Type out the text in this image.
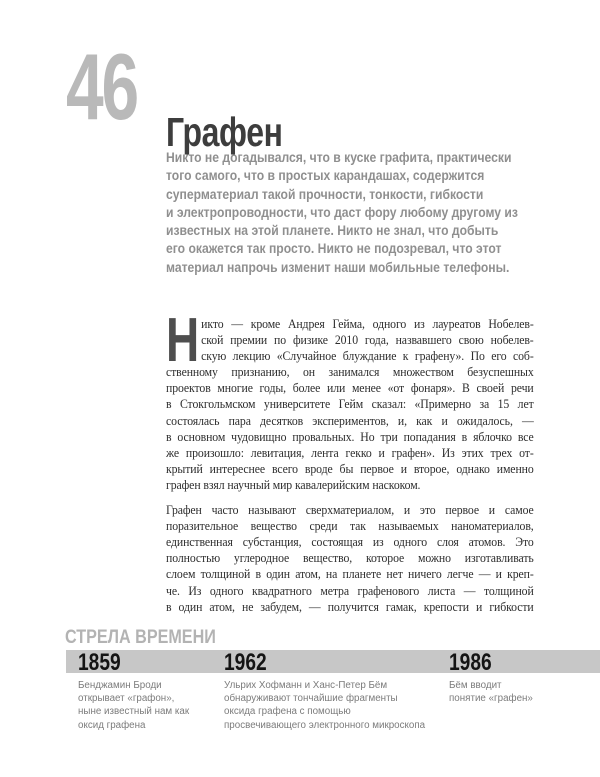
46 Графен
Никто не догадывался, что в куске графита, практически
того самого, что в простых карандашах, содержится
суперматериал такой прочности, тонкости, гибкости
и электропроводности, что даст фору любому другому из
известных на этой планете. Никто не знал, что добыть
его окажется так просто. Никто не подозревал, что этот
материал напрочь изменит наши мобильные телефоны.
Н икто — кроме Андрея Гейма, одного из лауреатов Нобелев-
ской премии по физике 2010 года, назвавшего свою нобелев-
скую лекцию «Случайное блуждание к графену». По его соб-
ственному признанию, он занимался множеством безуспешных
проектов многие годы, более или менее «от фонаря». В своей речи
в Стокгольмском университете Гейм сказал: «Примерно за 15 лет
состоялась пара десятков экспериментов, и, как и ожидалось, —
в основном чудовищно провальных. Но три попадания в яблочко все
же произошло: левитация, лента гекко и графен». Из этих трех от-
крытий интереснее всего вроде бы первое и второе, однако именно
графен взял научный мир кавалерийским наскоком.
Графен часто называют сверхматериалом, и это первое и самое
поразительное вещество среди так называемых наноматериалов,
единственная субстанция, состоящая из одного слоя атомов. Это
полностью углеродное вещество, которое можно изготавливать
слоем толщиной в один атом, на планете нет ничего легче — и креп-
че. Из одного квадратного метра графенового листа — толщиной
в один атом, не забудем, — получится гамак, крепости и гибкости
СТРЕЛА ВРЕМЕНИ
1859
Бенджамин Броди
открывает «графон»,
ныне известный нам как
оксид графена
1962
Ульрих Хофманн и Ханс-Петер Бём
обнаруживают тончайшие фрагменты
оксида графена с помощью
просвечивающего электронного микроскопа
1986
Бём вводит
понятие «графен»
